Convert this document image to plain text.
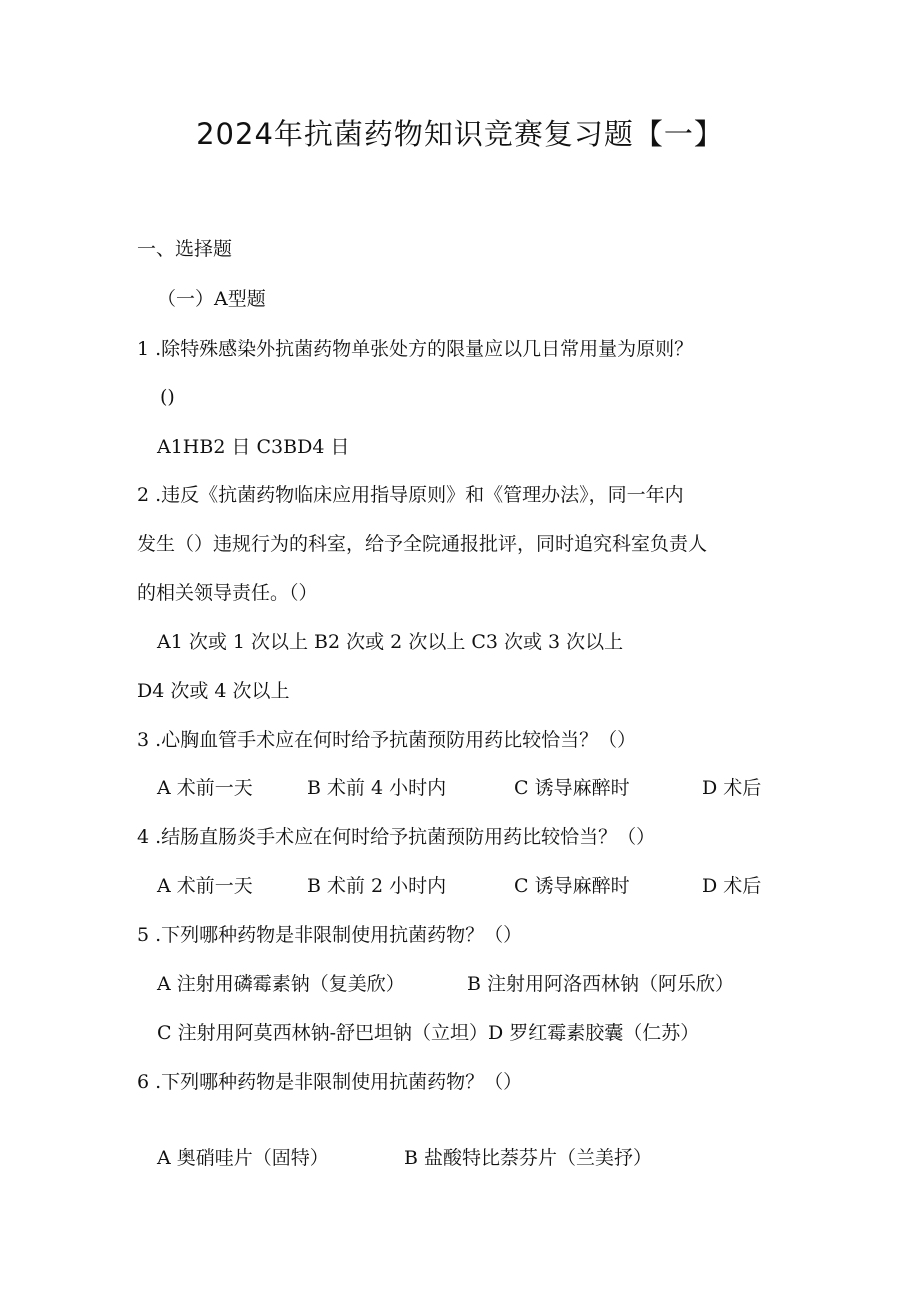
2024年抗菌药物知识竞赛复习题【一】
一、选择题
（一）A型题
1 .除特殊感染外抗菌药物单张处方的限量应以几日常用量为原则？
()
A1HB2 日 C3BD4 日
2 .违反《抗菌药物临床应用指导原则》和《管理办法》，同一年内
发生（）违规行为的科室，给予全院通报批评，同时追究科室负责人
的相关领导责任。（）
A1 次或 1 次以上 B2 次或 2 次以上 C3 次或 3 次以上
D4 次或 4 次以上
3 .心胸血管手术应在何时给予抗菌预防用药比较恰当？（）
A 术前一天	B 术前 4 小时内	C 诱导麻醉时	D 术后
4 .结肠直肠炎手术应在何时给予抗菌预防用药比较恰当？（）
A 术前一天	B 术前 2 小时内	C 诱导麻醉时	D 术后
5 .下列哪种药物是非限制使用抗菌药物？（）
A 注射用磷霉素钠（复美欣）	B 注射用阿洛西林钠（阿乐欣）
C 注射用阿莫西林钠-舒巴坦钠（立坦）D 罗红霉素胶囊（仁苏）
6 .下列哪种药物是非限制使用抗菌药物？（）
A 奥硝哇片（固特）	B 盐酸特比萘芬片（兰美抒）
